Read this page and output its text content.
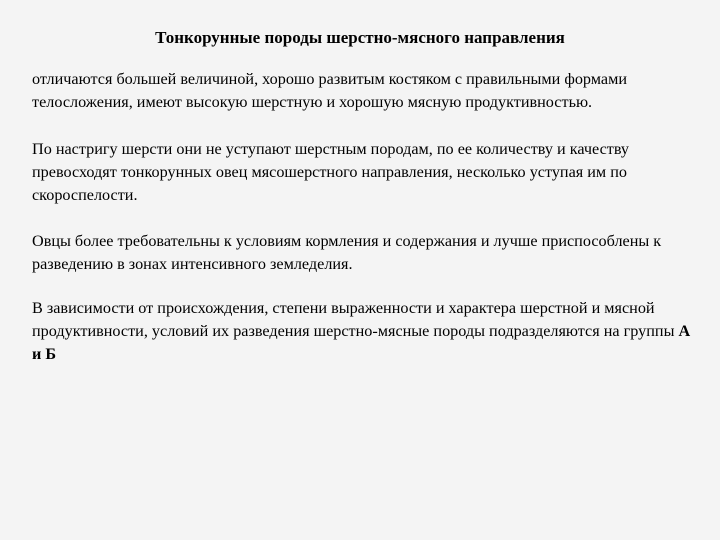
Тонкорунные породы шерстно-мясного направления

отличаются большей величиной, хорошо развитым костяком с правильными формами телосложения, имеют высокую шерстную и хорошую мясную продуктивностью.

По настригу шерсти они не уступают шерстным породам, по ее количеству и качеству превосходят тонкорунных овец мясошерстного направления, несколько уступая им по скороспелости.

Овцы более требовательны к условиям кормления и содержания и лучше приспособлены к разведению в зонах интенсивного земледелия.

В зависимости от происхождения, степени выраженности и характера шерстной и мясной продуктивности, условий их разведения шерстно-мясные породы подразделяются на группы А и Б
